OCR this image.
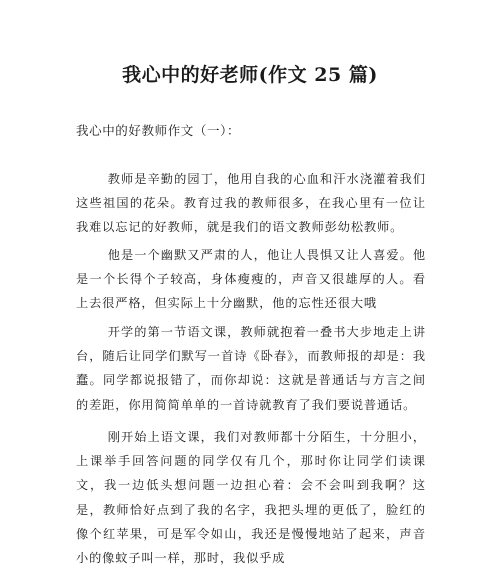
我心中的好老师(作文 25 篇)

我心中的好教师作文（一）：

教师是辛勤的园丁，他用自我的心血和汗水浇灌着我们这些祖国的花朵。教育过我的教师很多，在我心里有一位让我难以忘记的好教师，就是我们的语文教师彭幼松教师。

他是一个幽默又严肃的人，他让人畏惧又让人喜爱。他是一个长得个子较高，身体瘦瘦的，声音又很雄厚的人。看上去很严格，但实际上十分幽默，他的忘性还很大哦

开学的第一节语文课，教师就抱着一叠书大步地走上讲台，随后让同学们默写一首诗《卧春》，而教师报的却是：我蠢。同学都说报错了，而你却说：这就是普通话与方言之间的差距，你用简简单单的一首诗就教育了我们要说普通话。

刚开始上语文课，我们对教师都十分陌生，十分胆小，上课举手回答问题的同学仅有几个，那时你让同学们读课文，我一边低头想问题一边担心着：会不会叫到我啊？这是，教师恰好点到了我的名字，我把头埋的更低了，脸红的像个红苹果，可是军令如山，我还是慢慢地站了起来，声音小的像蚊子叫一样，那时，我似乎成
